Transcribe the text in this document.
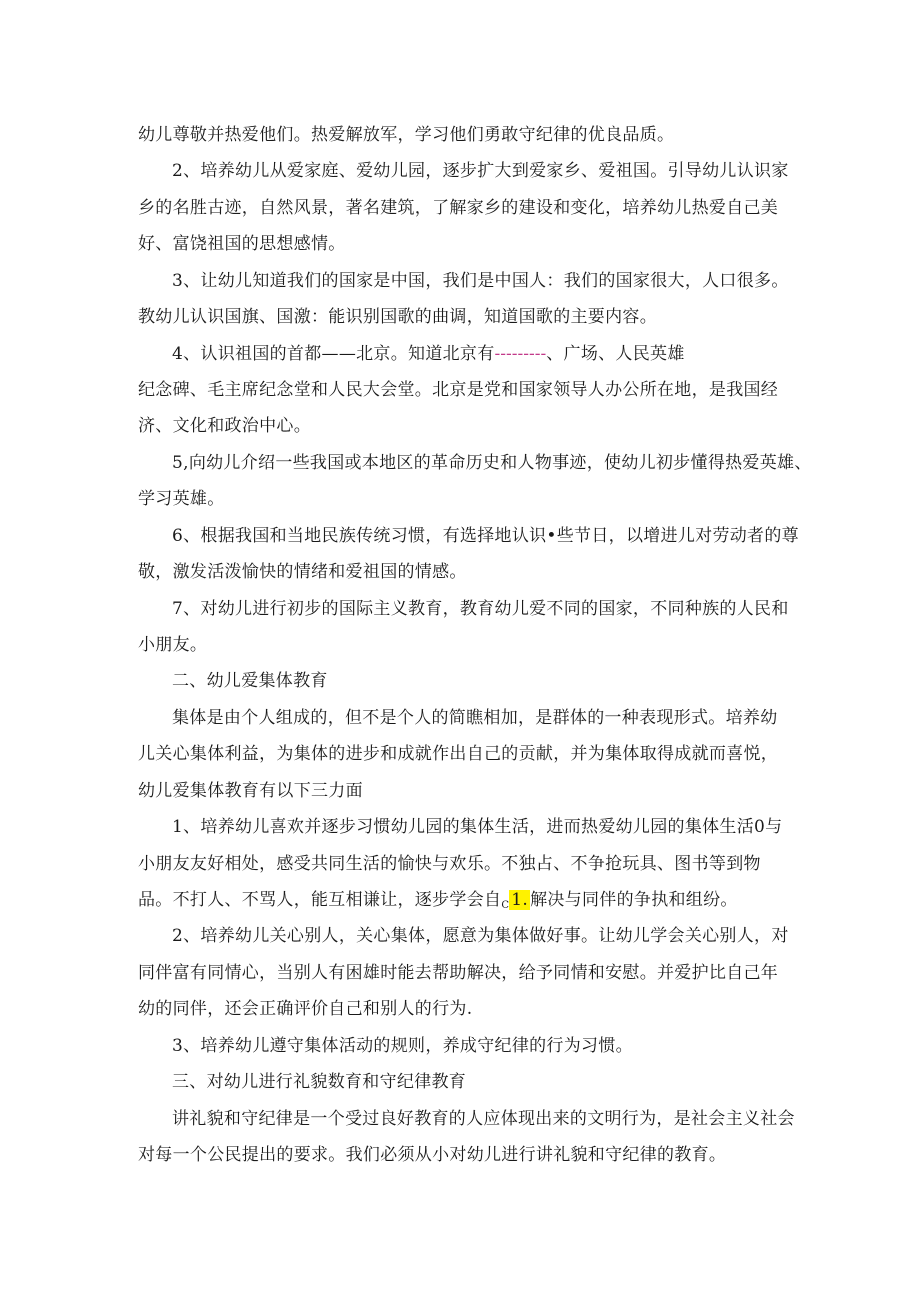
幼儿尊敬并热爱他们。热爱解放军，学习他们勇敢守纪律的优良品质。
2、培养幼儿从爱家庭、爱幼儿园，逐步扩大到爱家乡、爱祖国。引导幼儿认识家
乡的名胜古迹，自然风景，著名建筑，了解家乡的建设和变化，培养幼儿热爱自己美
好、富饶祖国的思想感情。
3、让幼儿知道我们的国家是中国，我们是中国人：我们的国家很大，人口很多。
教幼儿认识国旗、国激：能识别国歌的曲调，知道国歌的主要内容。
4、认识祖国的首都——北京。知道北京有---------、广场、人民英雄
纪念碑、毛主席纪念堂和人民大会堂。北京是党和国家领导人办公所在地，是我国经
济、文化和政治中心。
5,向幼儿介绍一些我国或本地区的革命历史和人物事迹，使幼儿初步懂得热爱英雄、
学习英雄。
6、根据我国和当地民族传统习惯，有选择地认识•些节日，以增进儿对劳动者的尊
敬，激发活泼愉快的情绪和爱祖国的情感。
7、对幼儿进行初步的国际主义教育，教育幼儿爱不同的国家，不同种族的人民和
小朋友。
二、幼儿爱集体教育
集体是由个人组成的，但不是个人的简瞧相加，是群体的一种表现形式。培养幼
儿关心集体利益，为集体的进步和成就作出自己的贡献，并为集体取得成就而喜悦，
幼儿爱集体教育有以下三力面
1、培养幼儿喜欢并逐步习惯幼儿园的集体生活，进而热爱幼儿园的集体生活0与
小朋友友好相处，感受共同生活的愉快与欢乐。不独占、不争抢玩具、图书等到物
品。不打人、不骂人，能互相谦让，逐步学会自$_C$ 1. 解决与同伴的争执和组纷。
2、培养幼儿关心别人，关心集体，愿意为集体做好事。让幼儿学会关心别人，对
同伴富有同情心，当别人有困雄时能去帮助解决，给予同情和安慰。并爱护比自己年
幼的同伴，还会正确评价自己和别人的行为.
3、培养幼儿遵守集体活动的规则，养成守纪律的行为习惯。
三、对幼儿进行礼貌数育和守纪律教育
讲礼貌和守纪律是一个受过良好教育的人应体现出来的文明行为，是社会主义社会
对每一个公民提出的要求。我们必须从小对幼儿进行讲礼貌和守纪律的教育。
